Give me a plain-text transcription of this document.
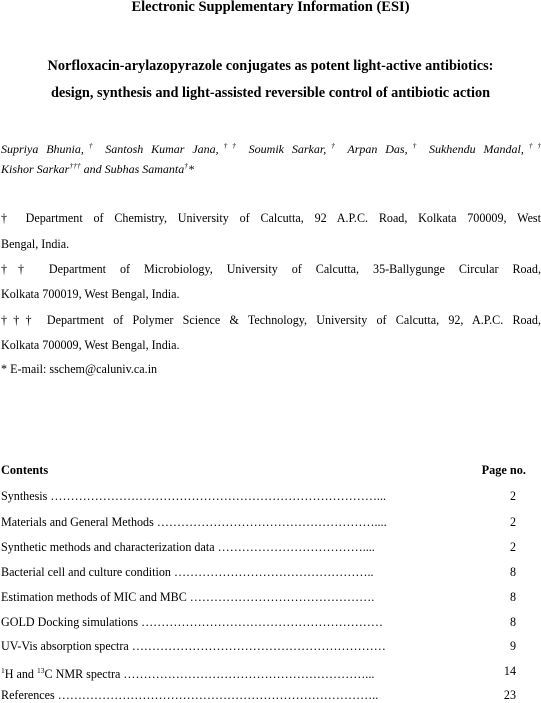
Electronic Supplementary Information (ESI)
Norfloxacin-arylazopyrazole conjugates as potent light-active antibiotics:
design, synthesis and light-assisted reversible control of antibiotic action
Supriya Bhunia,† Santosh Kumar Jana,†† Soumik Sarkar,† Arpan Das,† Sukhendu Mandal,††
Kishor Sarkar††† and Subhas Samanta†*
† Department of Chemistry, University of Calcutta, 92 A.P.C. Road, Kolkata 700009, West
Bengal, India.
†† Department of Microbiology, University of Calcutta, 35-Ballygunge Circular Road,
Kolkata 700019, West Bengal, India.
††† Department of Polymer Science & Technology, University of Calcutta, 92, A.P.C. Road,
Kolkata 700009, West Bengal, India.
* E-mail: sschem@caluniv.ca.in
Contents	Page no.
Synthesis ………………………………………………………………………...	2
Materials and General Methods ………………………………………………....	2
Synthetic methods and characterization data ………………………………....	2
Bacterial cell and culture condition …………………………………………..	8
Estimation methods of MIC and MBC ……………………………………….	8
GOLD Docking simulations ……………………………………………………	8
UV-Vis absorption spectra ………………………………………………………	9
$^1$H and $^{13}$C NMR spectra ……………………………………………………...	14
References ……………………………………………………………………..	23
